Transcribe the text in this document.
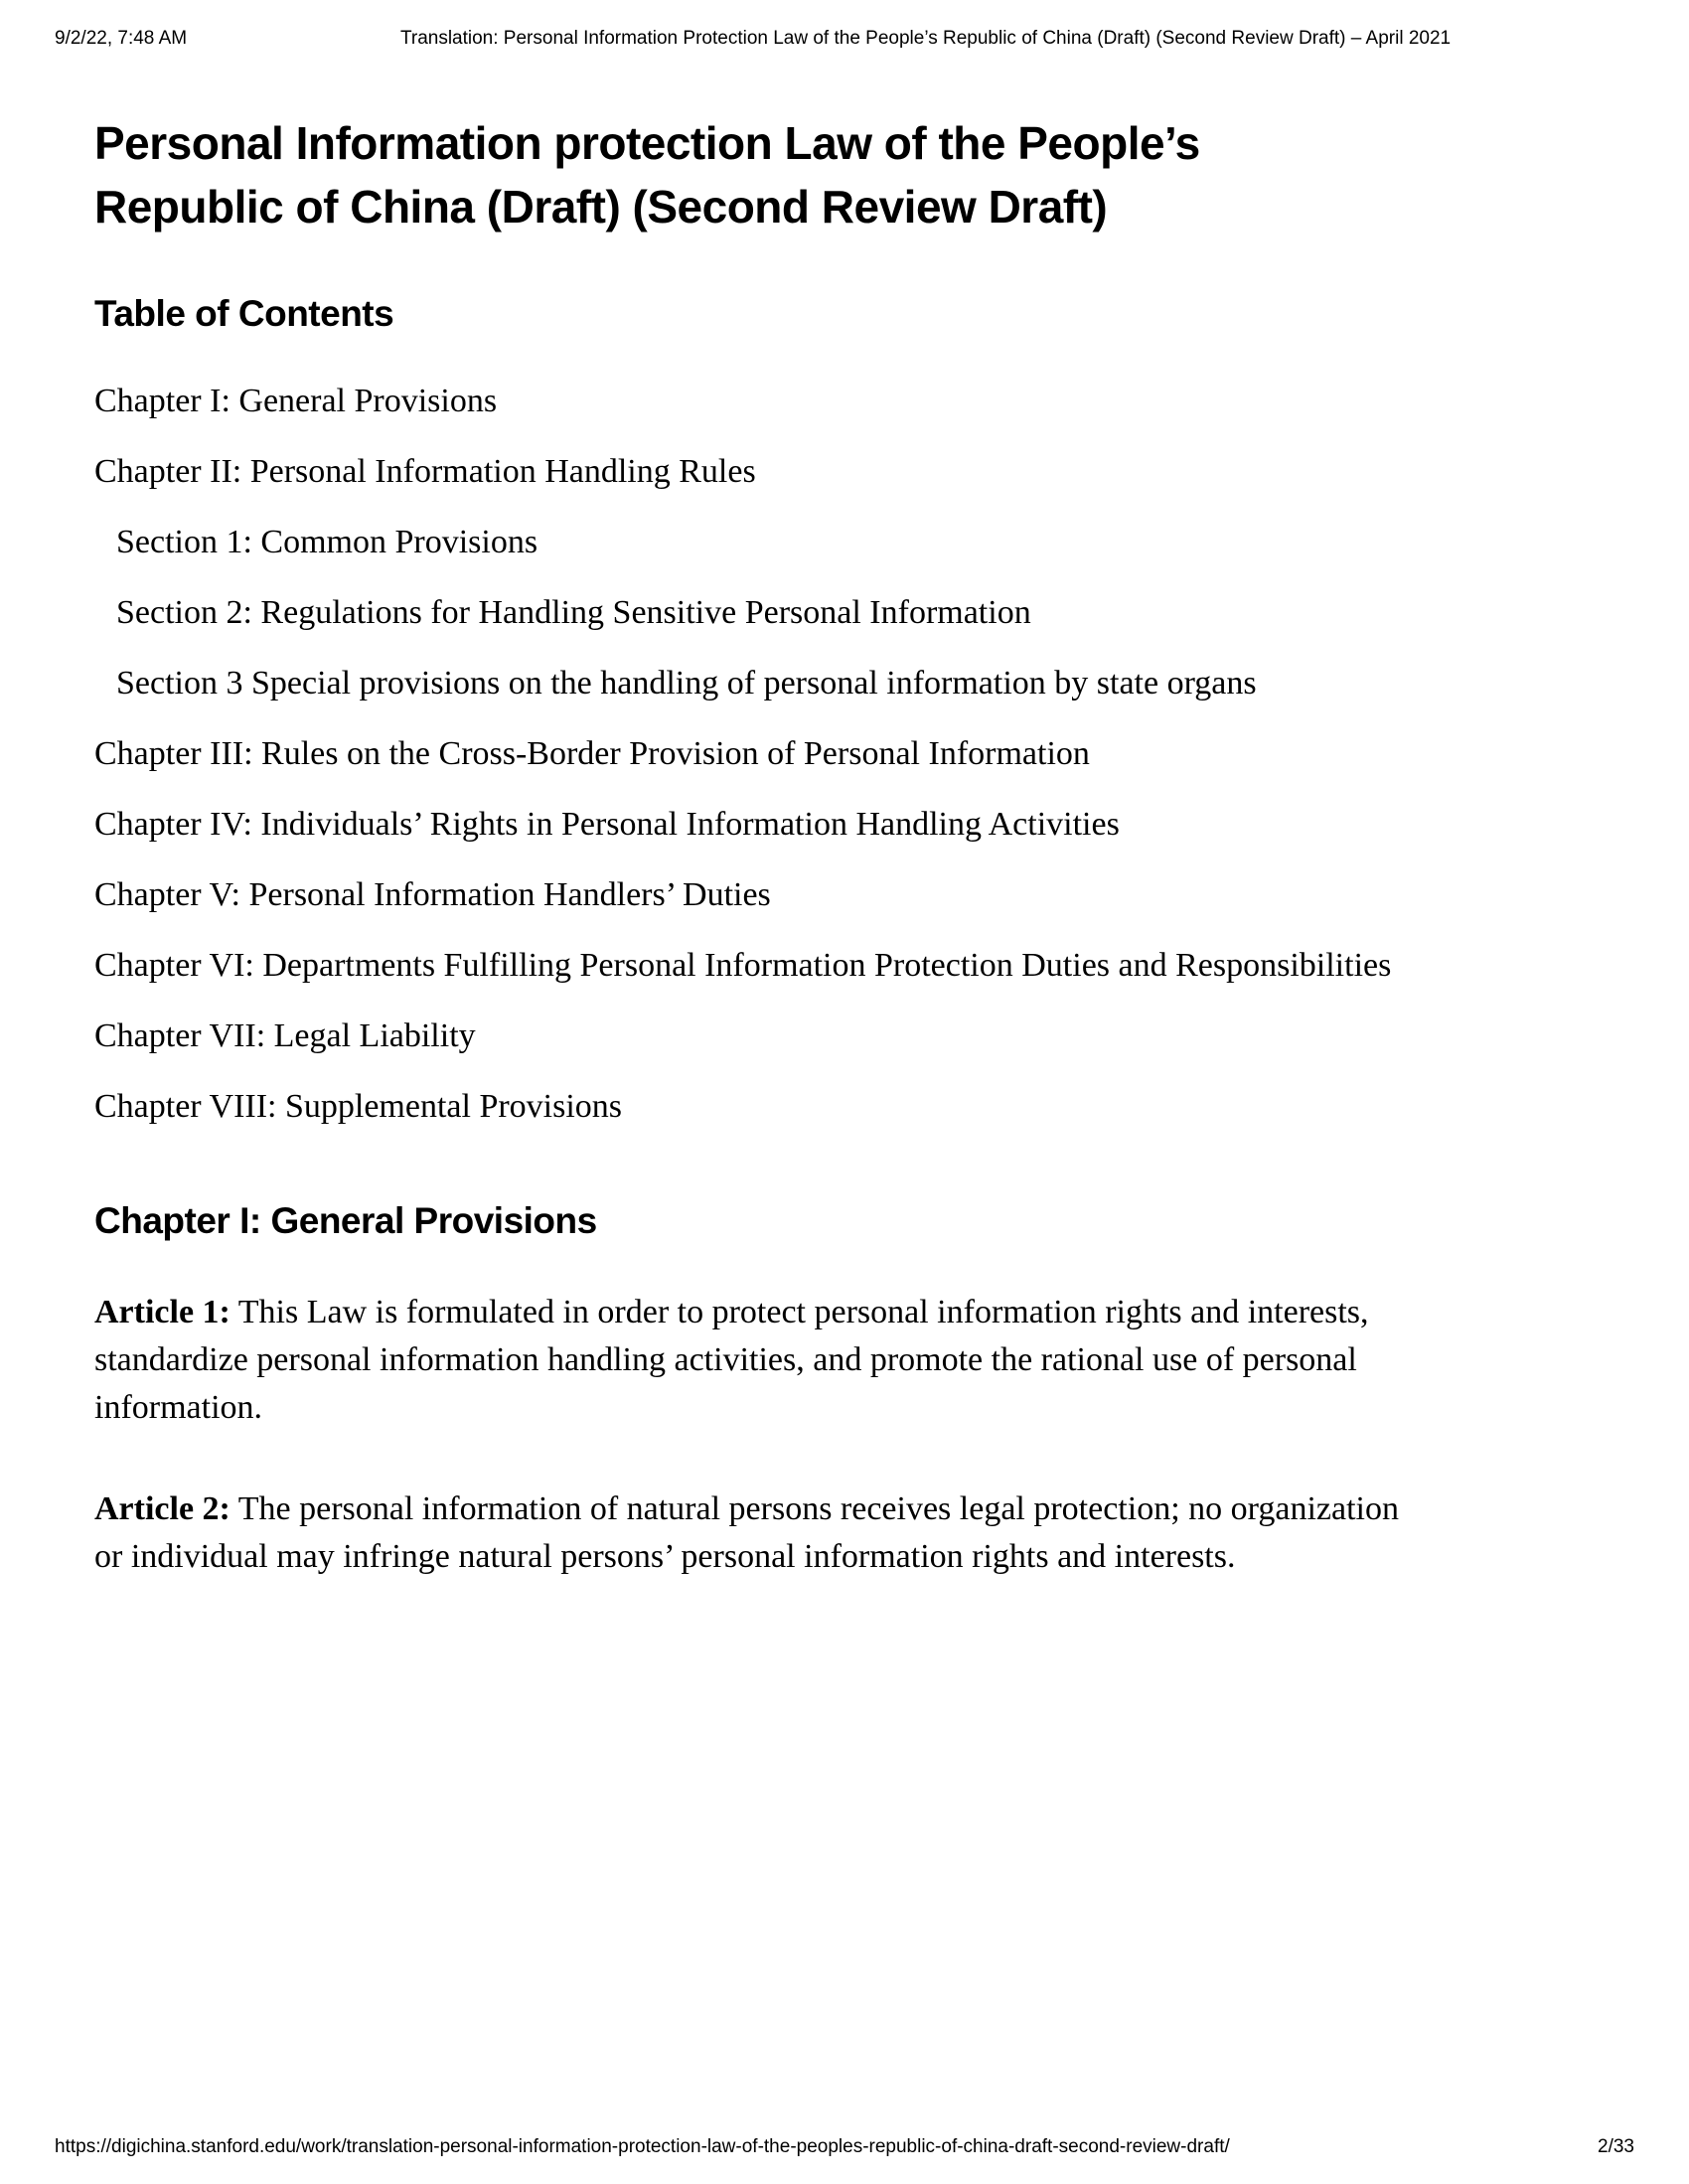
9/2/22, 7:48 AM	Translation: Personal Information Protection Law of the People’s Republic of China (Draft) (Second Review Draft) – April 2021
Personal Information protection Law of the People’s Republic of China (Draft) (Second Review Draft)
Table of Contents

Chapter I: General Provisions

Chapter II: Personal Information Handling Rules

Section 1: Common Provisions

Section 2: Regulations for Handling Sensitive Personal Information

Section 3 Special provisions on the handling of personal information by state organs

Chapter III: Rules on the Cross-Border Provision of Personal Information

Chapter IV: Individuals’ Rights in Personal Information Handling Activities

Chapter V: Personal Information Handlers’ Duties

Chapter VI: Departments Fulfilling Personal Information Protection Duties and Responsibilities

Chapter VII: Legal Liability

Chapter VIII: Supplemental Provisions

Chapter I: General Provisions

Article 1: This Law is formulated in order to protect personal information rights and interests, standardize personal information handling activities, and promote the rational use of personal information.

Article 2: The personal information of natural persons receives legal protection; no organization or individual may infringe natural persons’ personal information rights and interests.

https://digichina.stanford.edu/work/translation-personal-information-protection-law-of-the-peoples-republic-of-china-draft-second-review-draft/	2/33
